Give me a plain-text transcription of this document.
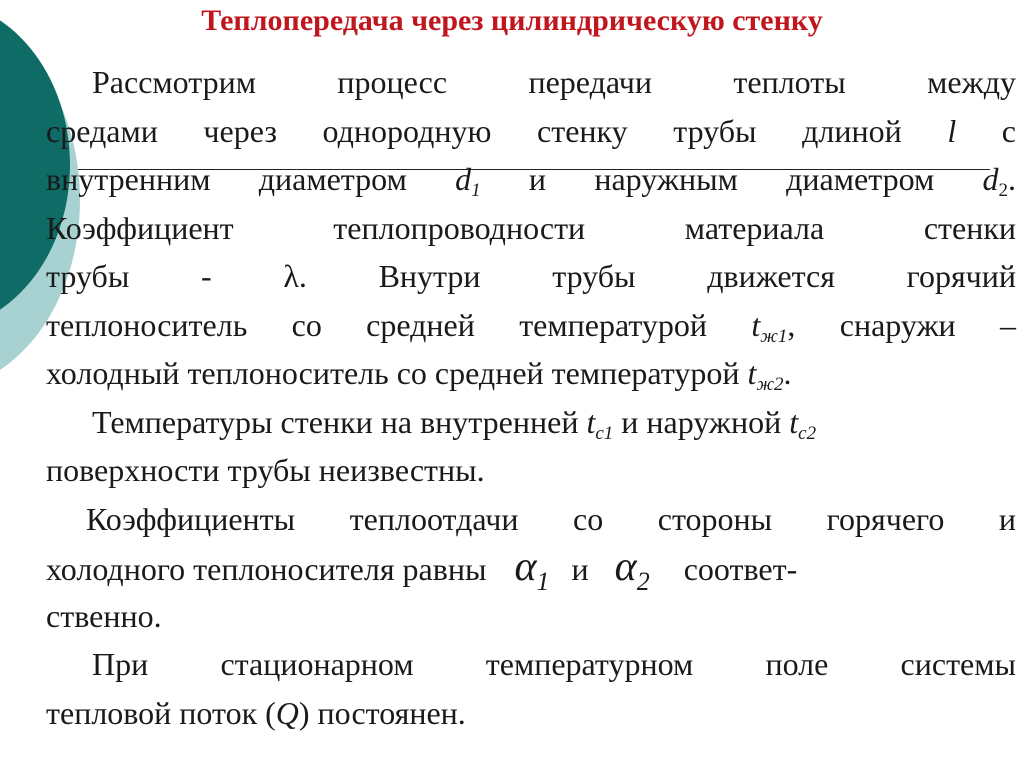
Теплопередача через цилиндрическую стенку
Рассмотрим процесс передачи теплоты между
средами через однородную стенку трубы длиной l с
внутренним диаметром $d_1$ и наружным диаметром $d_2$.
Коэффициент теплопроводности материала стенки
трубы - λ. Внутри трубы движется горячий
теплоноситель со средней температурой $t_{ж1}$, снаружи –
холодный теплоноситель со средней температурой $t_{ж2}$.
Температуры стенки на внутренней $t_{с1}$ и наружной $t_{с2}$
поверхности трубы неизвестны.
Коэффициенты теплоотдачи со стороны горячего и
холодного теплоносителя равны $\alpha_1$ и $\alpha_2$ соответ-
ственно.
При стационарном температурном поле системы
тепловой поток (Q) постоянен.
